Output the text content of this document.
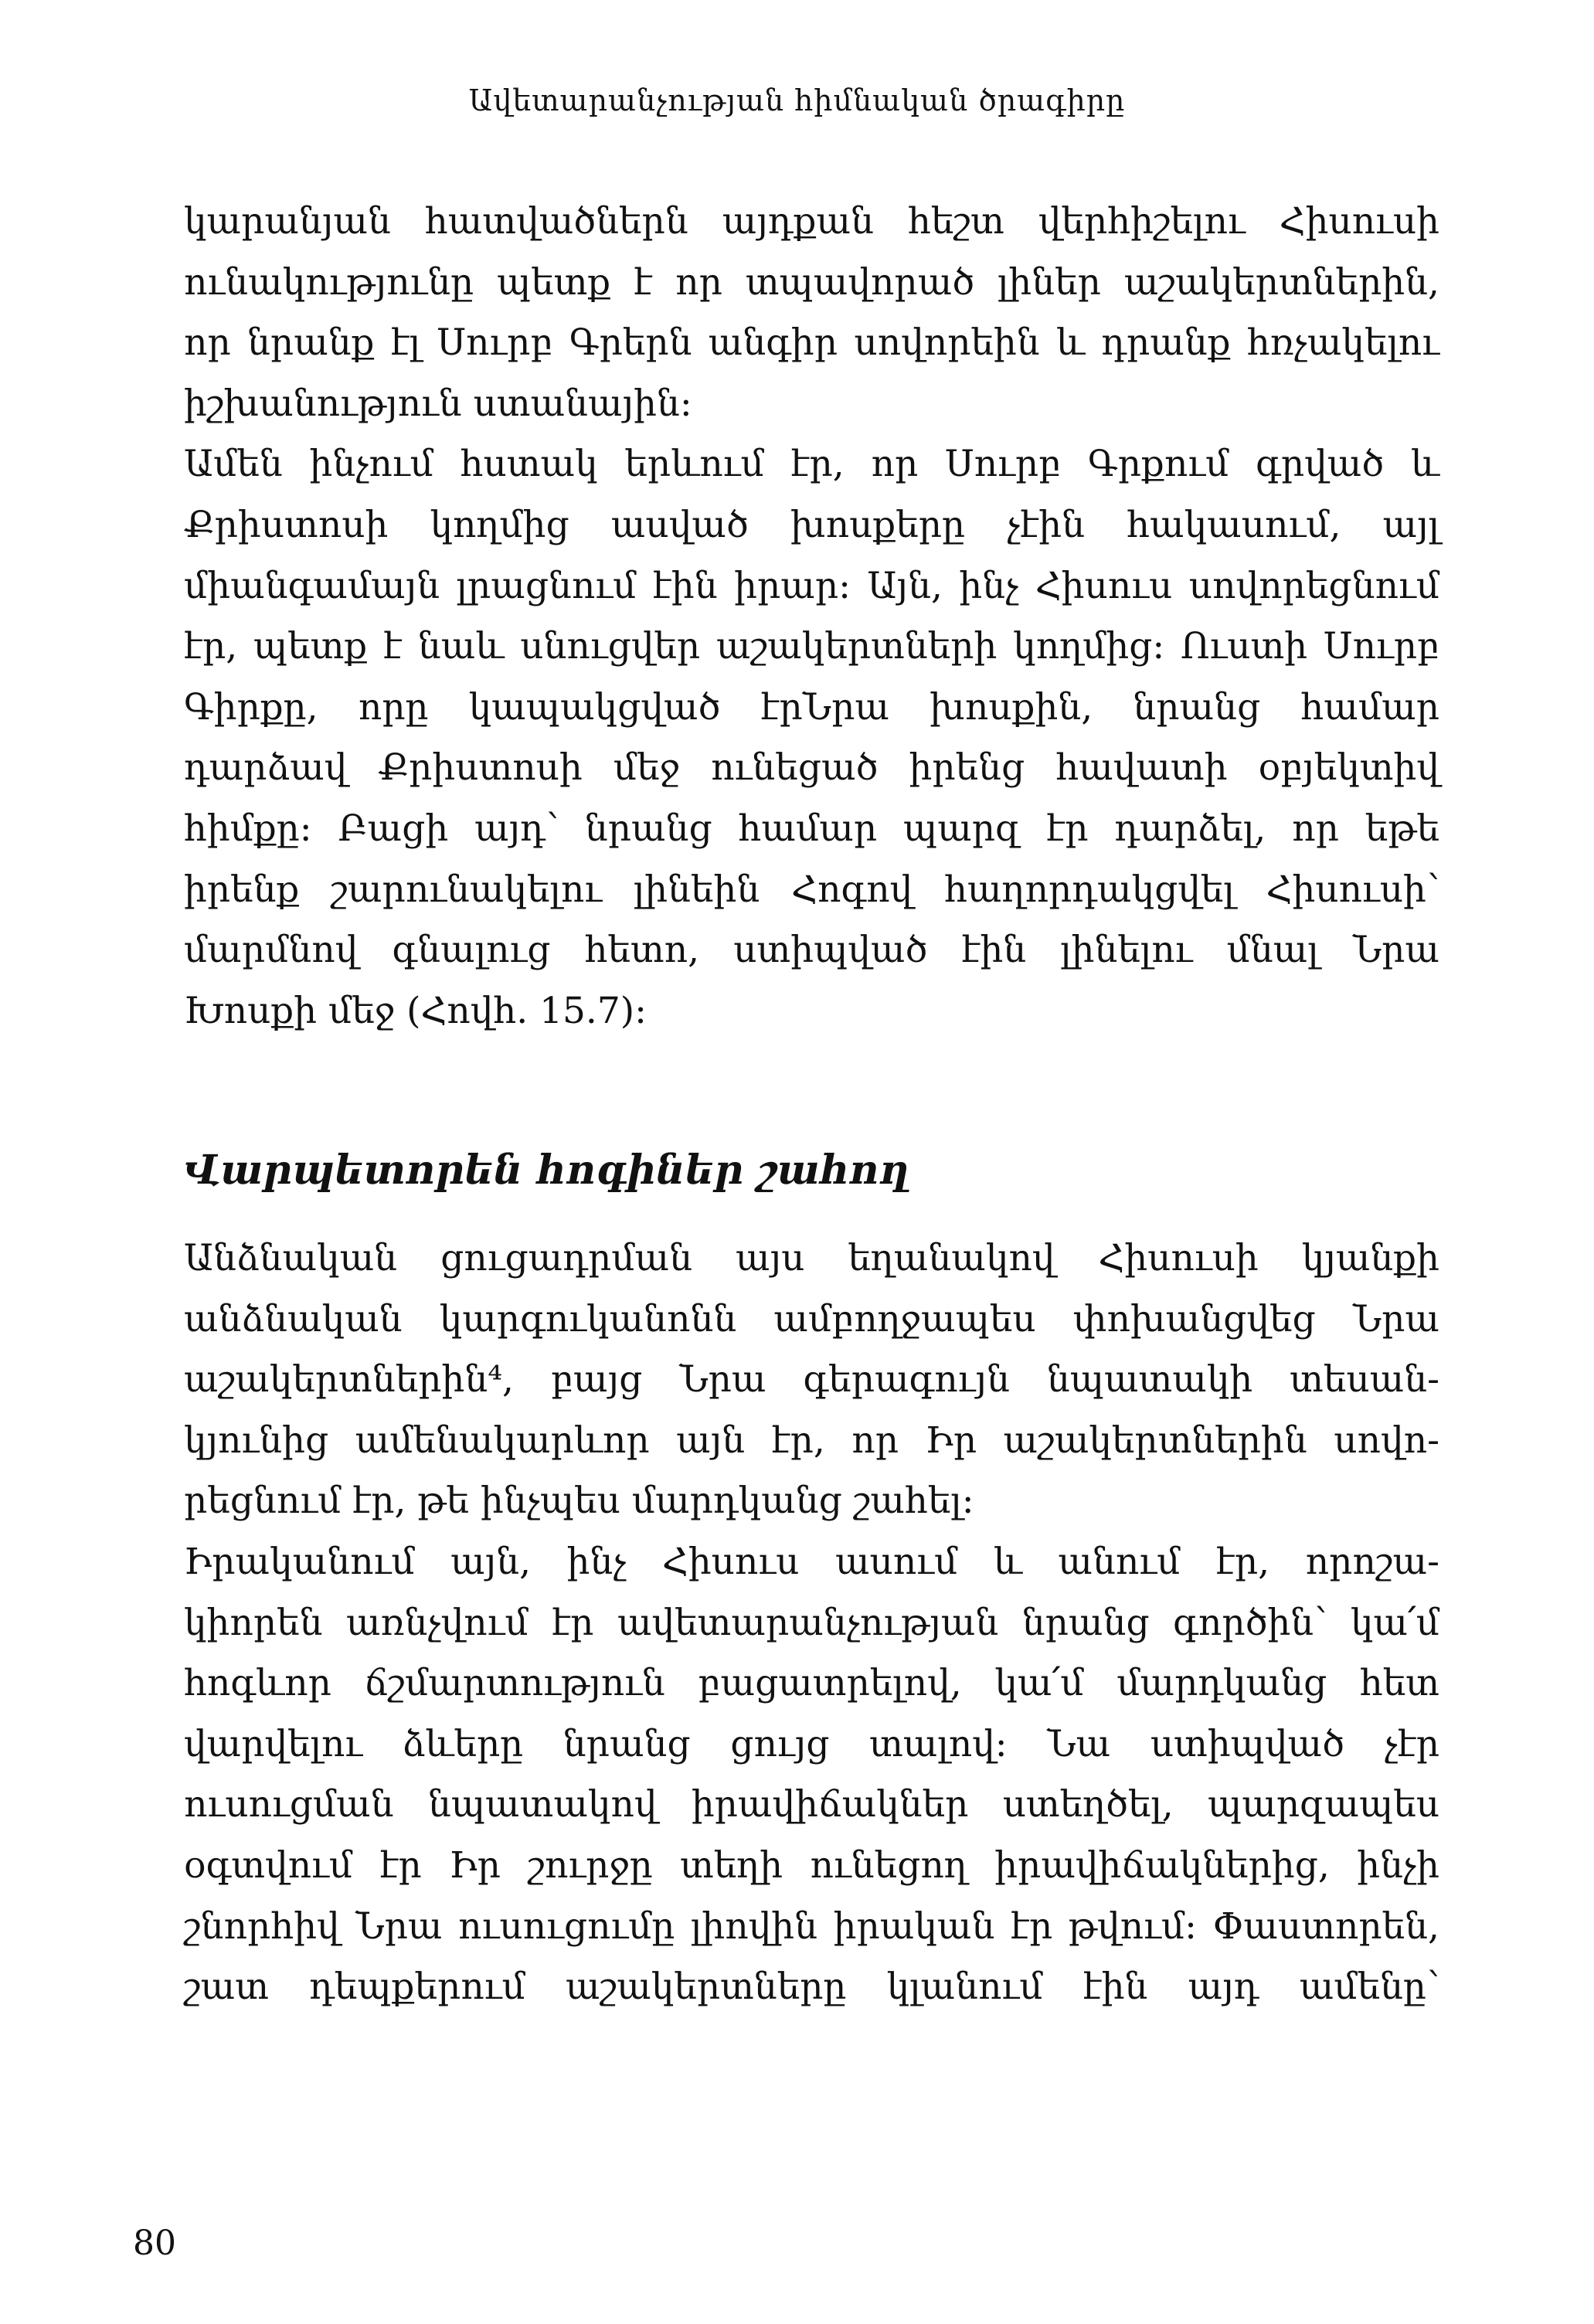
Ավետարանչության հիմնական ծրագիրը
կարանյան հատվածներն այդքան հեշտ վերհիշելու Հիսուսի
ունակությունը պետք է որ տպավորած լիներ աշակերտներին,
որ նրանք էլ Սուրբ Գրերն անգիր սովորեին և դրանք հռչակելու
իշխանություն ստանային:
Ամեն ինչում հստակ երևում էր, որ Սուրբ Գրքում գրված և
Քրիստոսի կողմից ասված խոսքերը չէին հակասում, այլ
միանգամայն լրացնում էին իրար: Այն, ինչ Հիսուս սովորեցնում
էր, պետք է նաև սնուցվեր աշակերտների կողմից: Ուստի Սուրբ
Գիրքը, որը կապակցված էրՆրա խոսքին, նրանց համար
դարձավ Քրիստոսի մեջ ունեցած իրենց հավատի օբյեկտիվ
հիմքը: Բացի այդ՝ նրանց համար պարզ էր դարձել, որ եթե
իրենք շարունակելու լինեին Հոգով հաղորդակցվել Հիսուսի՝
մարմնով գնալուց հետո, ստիպված էին լինելու մնալ Նրա
Խոսքի մեջ (Հովհ. 15.7):
Վարպետորեն հոգիներ շահող
Անձնական ցուցադրման այս եղանակով Հիսուսի կյանքի
անձնական կարգուկանոնն ամբողջապես փոխանցվեց Նրա
աշակերտներին⁴, բայց Նրա գերագույն նպատակի տեսան-
կյունից ամենակարևոր այն էր, որ Իր աշակերտներին սովո-
րեցնում էր, թե ինչպես մարդկանց շահել:
Իրականում այն, ինչ Հիսուս ասում և անում էր, որոշա-
կիորեն առնչվում էր ավետարանչության նրանց գործին՝ կա՛մ
հոգևոր ճշմարտություն բացատրելով, կա՛մ մարդկանց հետ
վարվելու ձևերը նրանց ցույց տալով: Նա ստիպված չէր
ուսուցման նպատակով իրավիճակներ ստեղծել, պարզապես
օգտվում էր Իր շուրջը տեղի ունեցող իրավիճակներից, ինչի
շնորհիվ Նրա ուսուցումը լիովին իրական էր թվում: Փաստորեն,
շատ դեպքերում աշակերտները կլանում էին այդ ամենը՝
80
